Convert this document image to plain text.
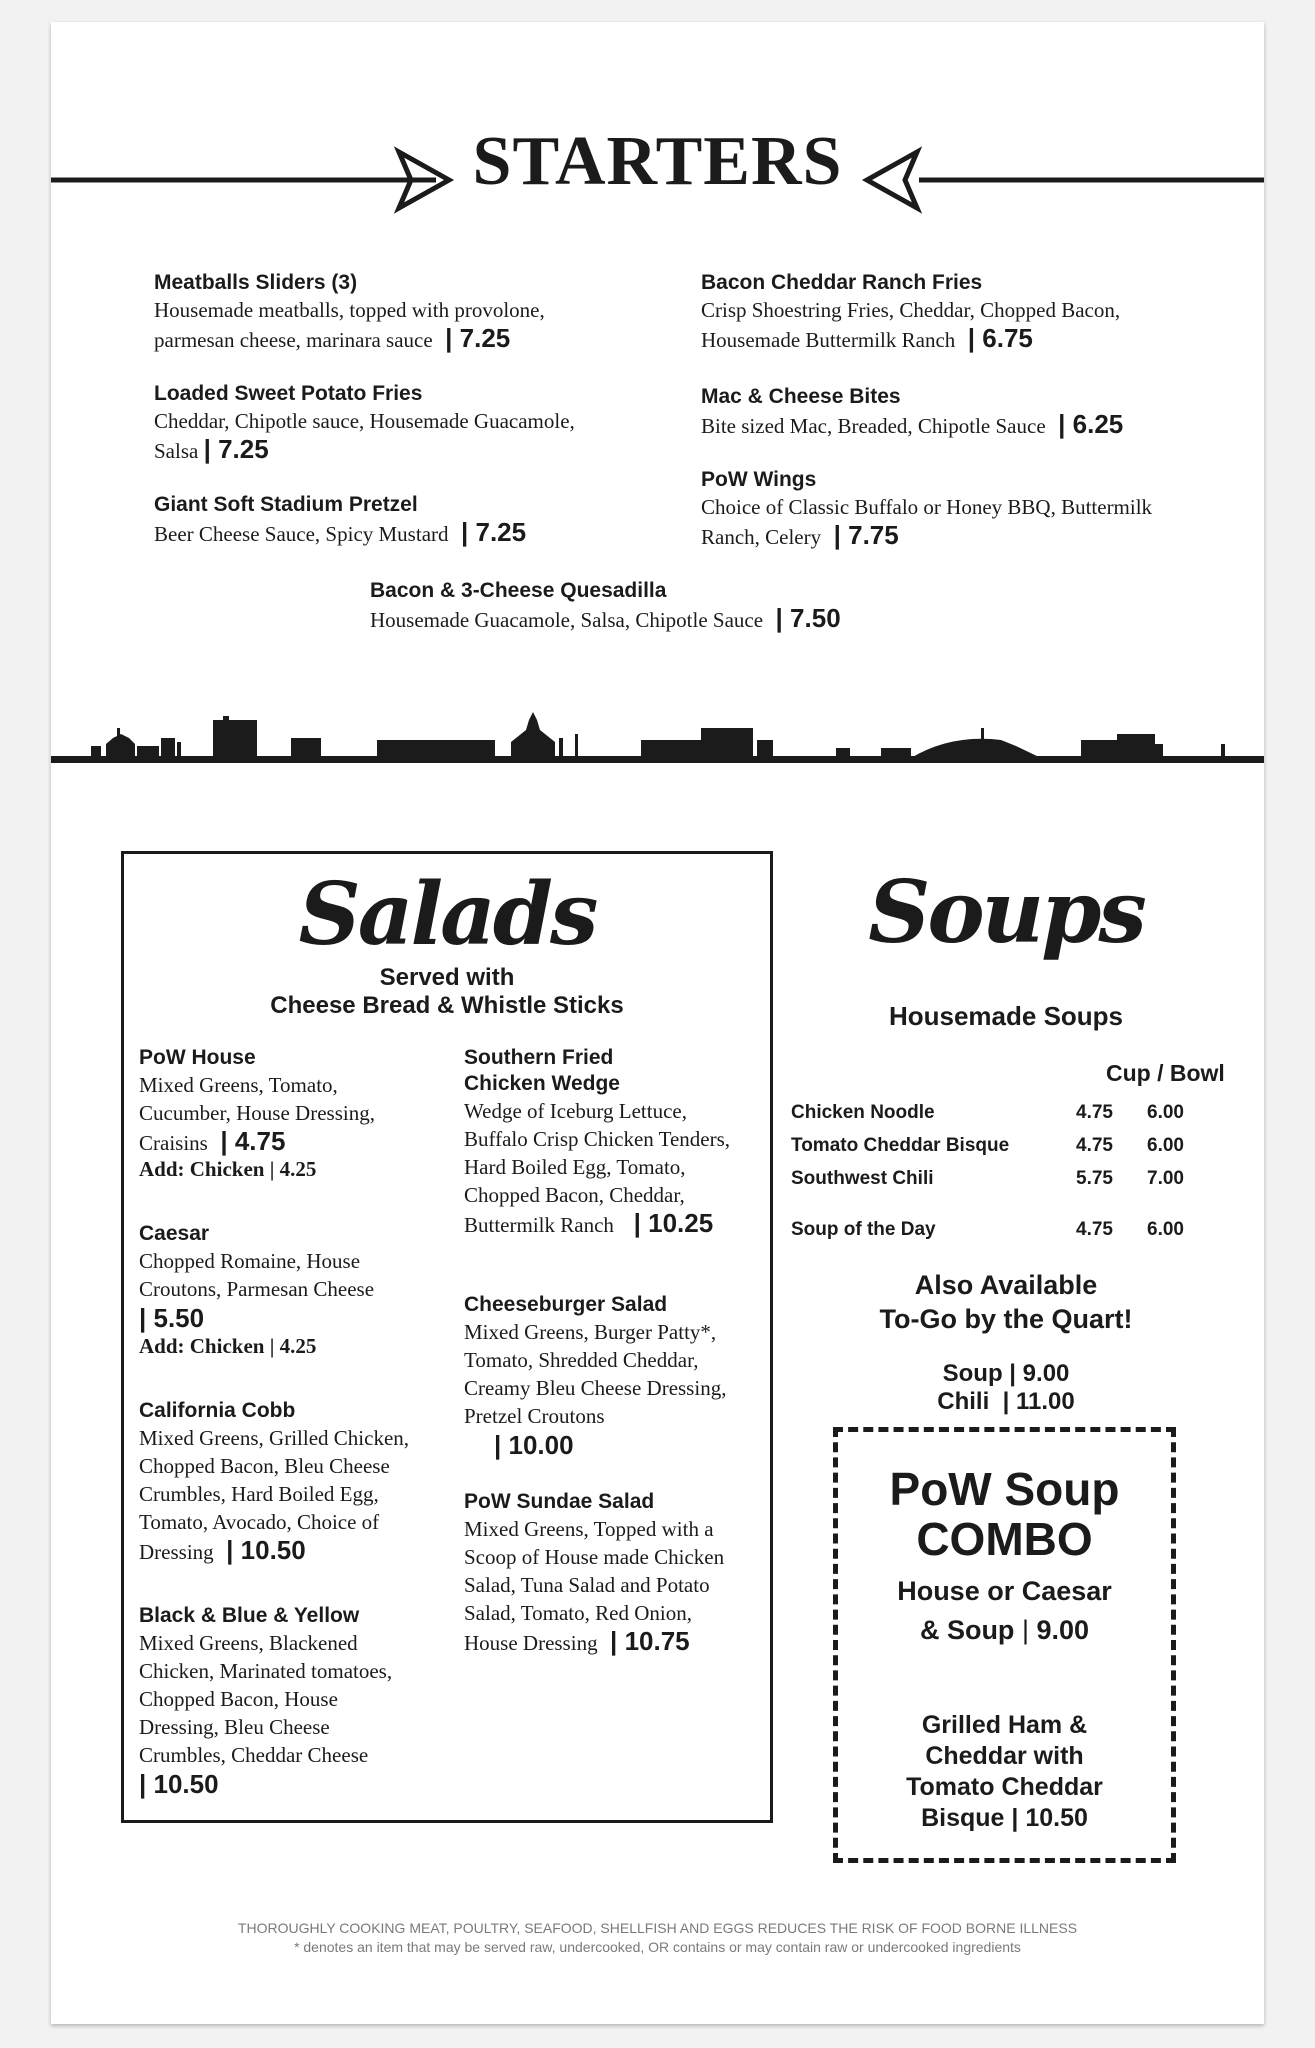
STARTERS
Meatballs Sliders (3)
Housemade meatballs, topped with provolone,
parmesan cheese, marinara sauce  | 7.25
Loaded Sweet Potato Fries
Cheddar, Chipotle sauce, Housemade Guacamole,
Salsa | 7.25
Giant Soft Stadium Pretzel
Beer Cheese Sauce, Spicy Mustard  | 7.25
Bacon Cheddar Ranch Fries
Crisp Shoestring Fries, Cheddar, Chopped Bacon,
Housemade Buttermilk Ranch  | 6.75
Mac & Cheese Bites
Bite sized Mac, Breaded, Chipotle Sauce  | 6.25
PoW Wings
Choice of Classic Buffalo or Honey BBQ, Buttermilk
Ranch, Celery  | 7.75
Bacon & 3-Cheese Quesadilla
Housemade Guacamole, Salsa, Chipotle Sauce  | 7.50
Salads
Served with
Cheese Bread & Whistle Sticks
PoW House
Mixed Greens, Tomato,
Cucumber, House Dressing,
Craisins  | 4.75
Add: Chicken | 4.25
Caesar
Chopped Romaine, House
Croutons, Parmesan Cheese
| 5.50
Add: Chicken | 4.25
California Cobb
Mixed Greens, Grilled Chicken,
Chopped Bacon, Bleu Cheese
Crumbles, Hard Boiled Egg,
Tomato, Avocado, Choice of
Dressing  | 10.50
Black & Blue & Yellow
Mixed Greens, Blackened
Chicken, Marinated tomatoes,
Chopped Bacon, House
Dressing, Bleu Cheese
Crumbles, Cheddar Cheese
| 10.50
Southern Fried
Chicken Wedge
Wedge of Iceburg Lettuce,
Buffalo Crisp Chicken Tenders,
Hard Boiled Egg, Tomato,
Chopped Bacon, Cheddar,
Buttermilk Ranch   | 10.25
Cheeseburger Salad
Mixed Greens, Burger Patty*,
Tomato, Shredded Cheddar,
Creamy Bleu Cheese Dressing,
Pretzel Croutons
| 10.00
PoW Sundae Salad
Mixed Greens, Topped with a
Scoop of House made Chicken
Salad, Tuna Salad and Potato
Salad, Tomato, Red Onion,
House Dressing  | 10.75
Soups
Housemade Soups
Cup / Bowl
Chicken Noodle	4.75 6.00
Tomato Cheddar Bisque	4.75 6.00
Southwest Chili	5.75 7.00
Soup of the Day	4.75 6.00
Also Available
To-Go by the Quart!
Soup | 9.00
Chili  | 11.00
PoW Soup
COMBO
House or Caesar
& Soup | 9.00
Grilled Ham &
Cheddar with
Tomato Cheddar
Bisque | 10.50
THOROUGHLY COOKING MEAT, POULTRY, SEAFOOD, SHELLFISH AND EGGS REDUCES THE RISK OF FOOD BORNE ILLNESS
* denotes an item that may be served raw, undercooked, OR contains or may contain raw or undercooked ingredients
